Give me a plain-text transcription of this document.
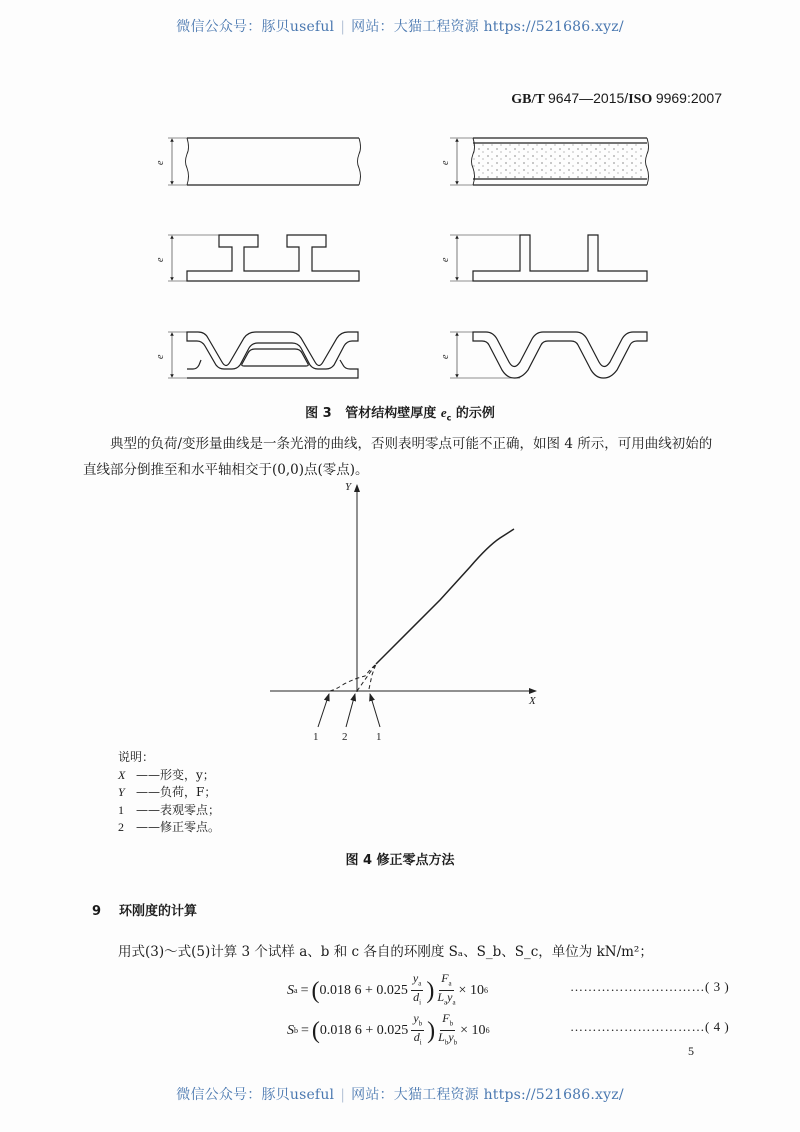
微信公众号：豚贝useful | 网站：大猫工程资源 https://521686.xyz/
GB/T 9647—2015/ISO 9969:2007
e	e
e	e
e	e
图 3 管材结构壁厚度 $e_c$ 的示例
典型的负荷/变形量曲线是一条光滑的曲线，否则表明零点可能不正确，如图 4 所示，可用曲线初始的直线部分倒推至和水平轴相交于(0,0)点(零点)。
Y
X
1 2	1
说明：
X ——形变，y；
Y ——负荷，F；
1	——表观零点；
2	——修正零点。
图 4 修正零点方法
9 环刚度的计算
用式(3)～式(5)计算 3 个试样 a、b 和 c 各自的环刚度 Sₐ、S_b、S_c，单位为 kN/m²；
S a = ( 0.018 $6 + 0.025 \frac{y_a}{d_i}$ ) $\frac{F_a}{L_ay_a} \times 10$ 6	…………………………( 3 )
S b = ( 0.018 $6 + 0.025 \frac{y_b}{d_i}$ ) $\frac{F_b}{L_by_b} \times 10$ 6	…………………………( 4 )
5
微信公众号：豚贝useful | 网站：大猫工程资源 https://521686.xyz/
